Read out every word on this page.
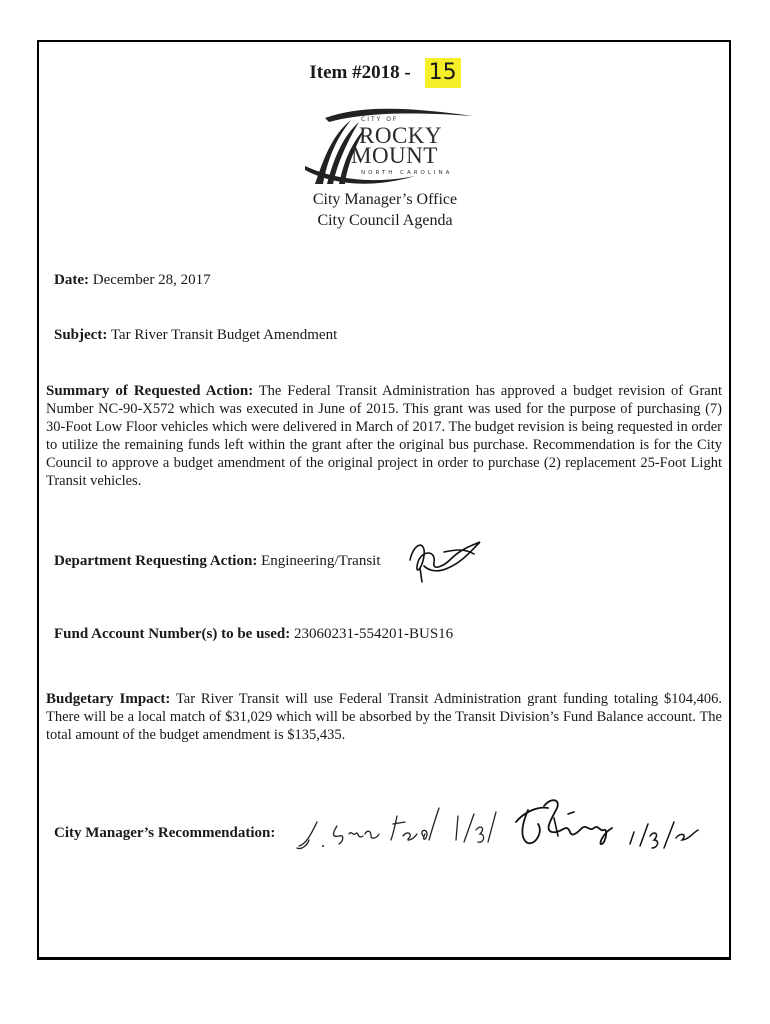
Item #2018 - 15
CITY OF
ROCKY
MOUNT
NORTH CAROLINA
City Manager’s Office
City Council Agenda
Date: December 28, 2017
Subject: Tar River Transit Budget Amendment
Summary of Requested Action: The Federal Transit Administration has approved a budget revision of Grant Number NC-90-X572 which was executed in June of 2015. This grant was used for the purpose of purchasing (7) 30-Foot Low Floor vehicles which were delivered in March of 2017. The budget revision is being requested in order to utilize the remaining funds left within the grant after the original bus purchase. Recommendation is for the City Council to approve a budget amendment of the original project in order to purchase (2) replacement 25-Foot Light Transit vehicles.
Department Requesting Action: Engineering/Transit
Fund Account Number(s) to be used: 23060231-554201-BUS16
Budgetary Impact: Tar River Transit will use Federal Transit Administration grant funding totaling $104,406. There will be a local match of $31,029 which will be absorbed by the Transit Division’s Fund Balance account. The total amount of the budget amendment is $135,435.
City Manager’s Recommendation:
